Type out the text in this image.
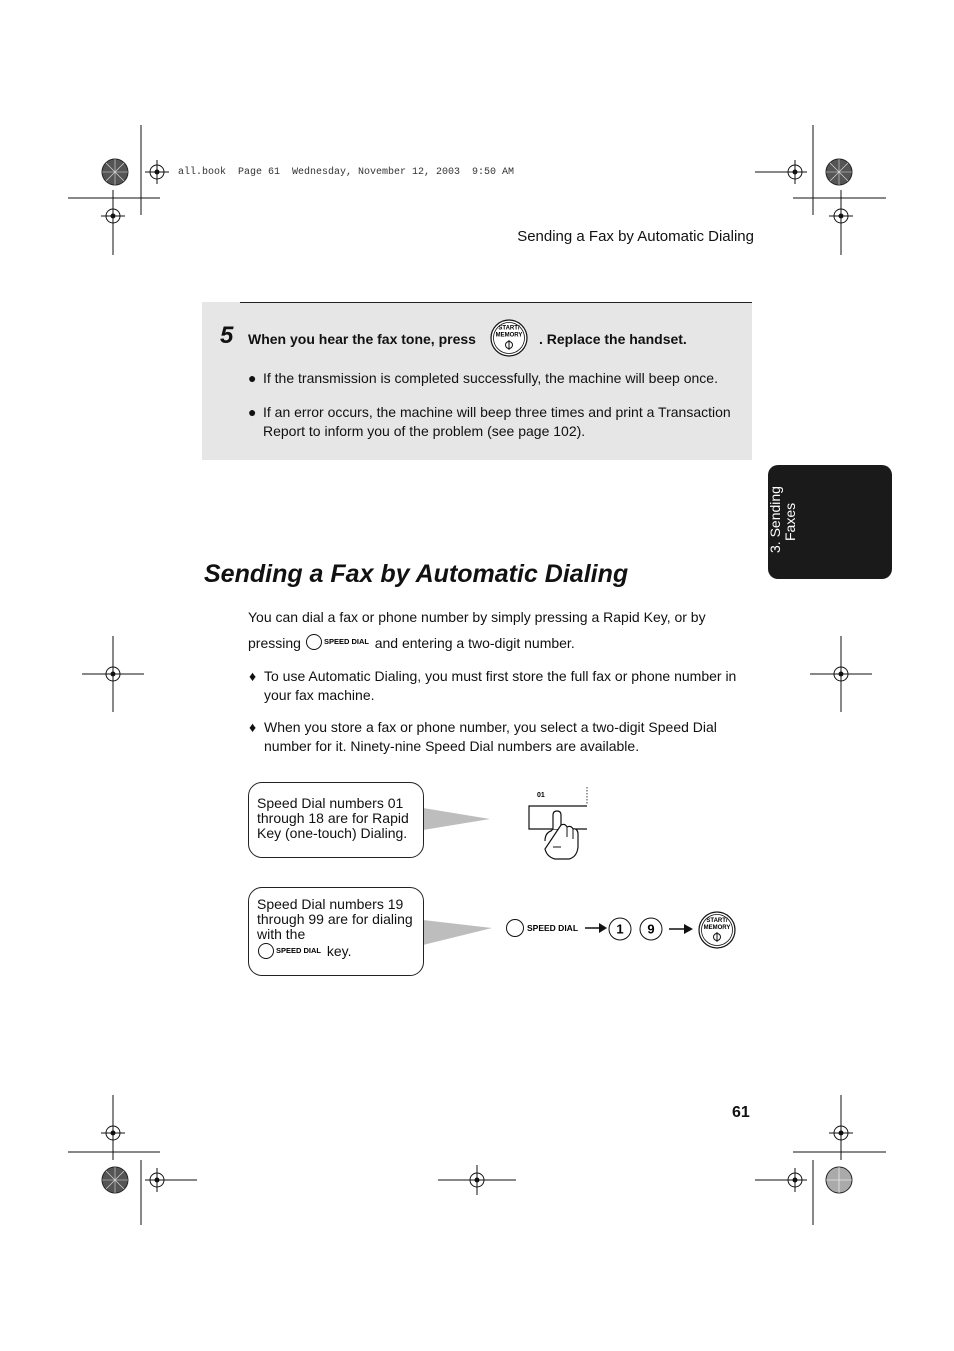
all.book  Page 61  Wednesday, November 12, 2003  9:50 AM
Sending a Fax by Automatic Dialing
5 When you hear the fax tone, press
START/
MEMORY . Replace the handset.
● If the transmission is completed successfully, the machine will beep once.
● If an error occurs, the machine will beep three times and print a Transaction Report to inform you of the problem (see page 102).
3. Sending Faxes
Sending a Fax by Automatic Dialing
You can dial a fax or phone number by simply pressing a Rapid Key, or by
pressing	SPEED DIAL and entering a two-digit number.
♦ To use Automatic Dialing, you must first store the full fax or phone number in your fax machine.
♦ When you store a fax or phone number, you select a two-digit Speed Dial number for it. Ninety-nine Speed Dial numbers are available.
Speed Dial numbers 01 through 18 are for Rapid Key (one-touch) Dialing.
Speed Dial numbers 19 through 99 are for dialing with the

SPEED DIAL key.
01
SPEED DIAL	1 9
START/
MEMORY
61
